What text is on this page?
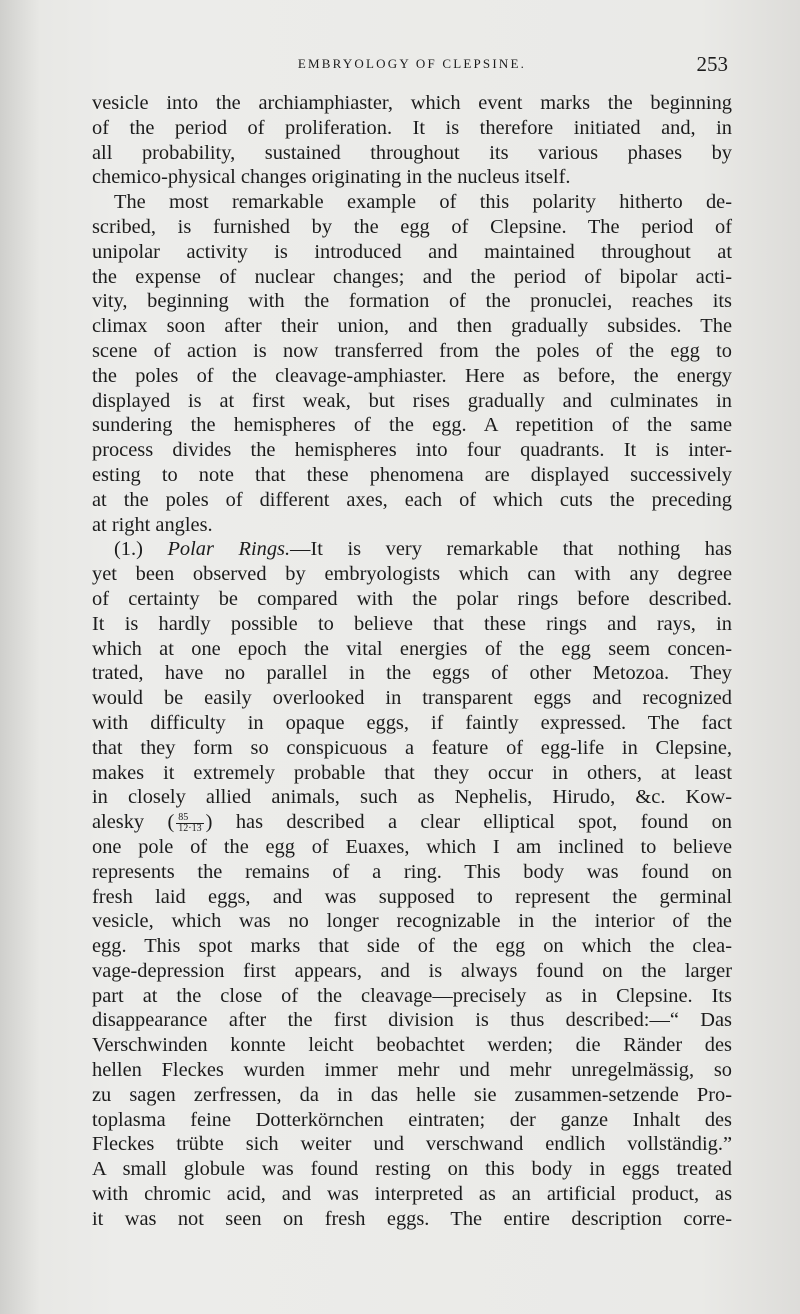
EMBRYOLOGY OF CLEPSINE.	253

vesicle into the archiamphiaster, which event marks the beginning
of the period of proliferation. It is therefore initiated and, in
all probability, sustained throughout its various phases by
chemico-physical changes originating in the nucleus itself.

The most remarkable example of this polarity hitherto de-
scribed, is furnished by the egg of Clepsine. The period of
unipolar activity is introduced and maintained throughout at
the expense of nuclear changes; and the period of bipolar acti-
vity, beginning with the formation of the pronuclei, reaches its
climax soon after their union, and then gradually subsides. The
scene of action is now transferred from the poles of the egg to
the poles of the cleavage-amphiaster. Here as before, the energy
displayed is at first weak, but rises gradually and culminates in
sundering the hemispheres of the egg. A repetition of the same
process divides the hemispheres into four quadrants. It is inter-
esting to note that these phenomena are displayed successively
at the poles of different axes, each of which cuts the preceding
at right angles.

(1.) Polar Rings.—It is very remarkable that nothing has
yet been observed by embryologists which can with any degree
of certainty be compared with the polar rings before described.
It is hardly possible to believe that these rings and rays, in
which at one epoch the vital energies of the egg seem concen-
trated, have no parallel in the eggs of other Metozoa. They
would be easily overlooked in transparent eggs and recognized
with difficulty in opaque eggs, if faintly expressed. The fact
that they form so conspicuous a feature of egg-life in Clepsine,
makes it extremely probable that they occur in others, at least
in closely allied animals, such as Nephelis, Hirudo, &c. Kow-
alesky ( $\frac{85}{12\cdot 13}$ ) has described a clear elliptical spot, found on
one pole of the egg of Euaxes, which I am inclined to believe
represents the remains of a ring. This body was found on
fresh laid eggs, and was supposed to represent the germinal
vesicle, which was no longer recognizable in the interior of the
egg. This spot marks that side of the egg on which the clea-
vage-depression first appears, and is always found on the larger
part at the close of the cleavage—precisely as in Clepsine. Its
disappearance after the first division is thus described:—“ Das
Verschwinden konnte leicht beobachtet werden; die Ränder des
hellen Fleckes wurden immer mehr und mehr unregelmässig, so
zu sagen zerfressen, da in das helle sie zusammen-setzende Pro-
toplasma feine Dotterkörnchen eintraten; der ganze Inhalt des
Fleckes trübte sich weiter und verschwand endlich vollständig.”
A small globule was found resting on this body in eggs treated
with chromic acid, and was interpreted as an artificial product, as
it was not seen on fresh eggs. The entire description corre-
